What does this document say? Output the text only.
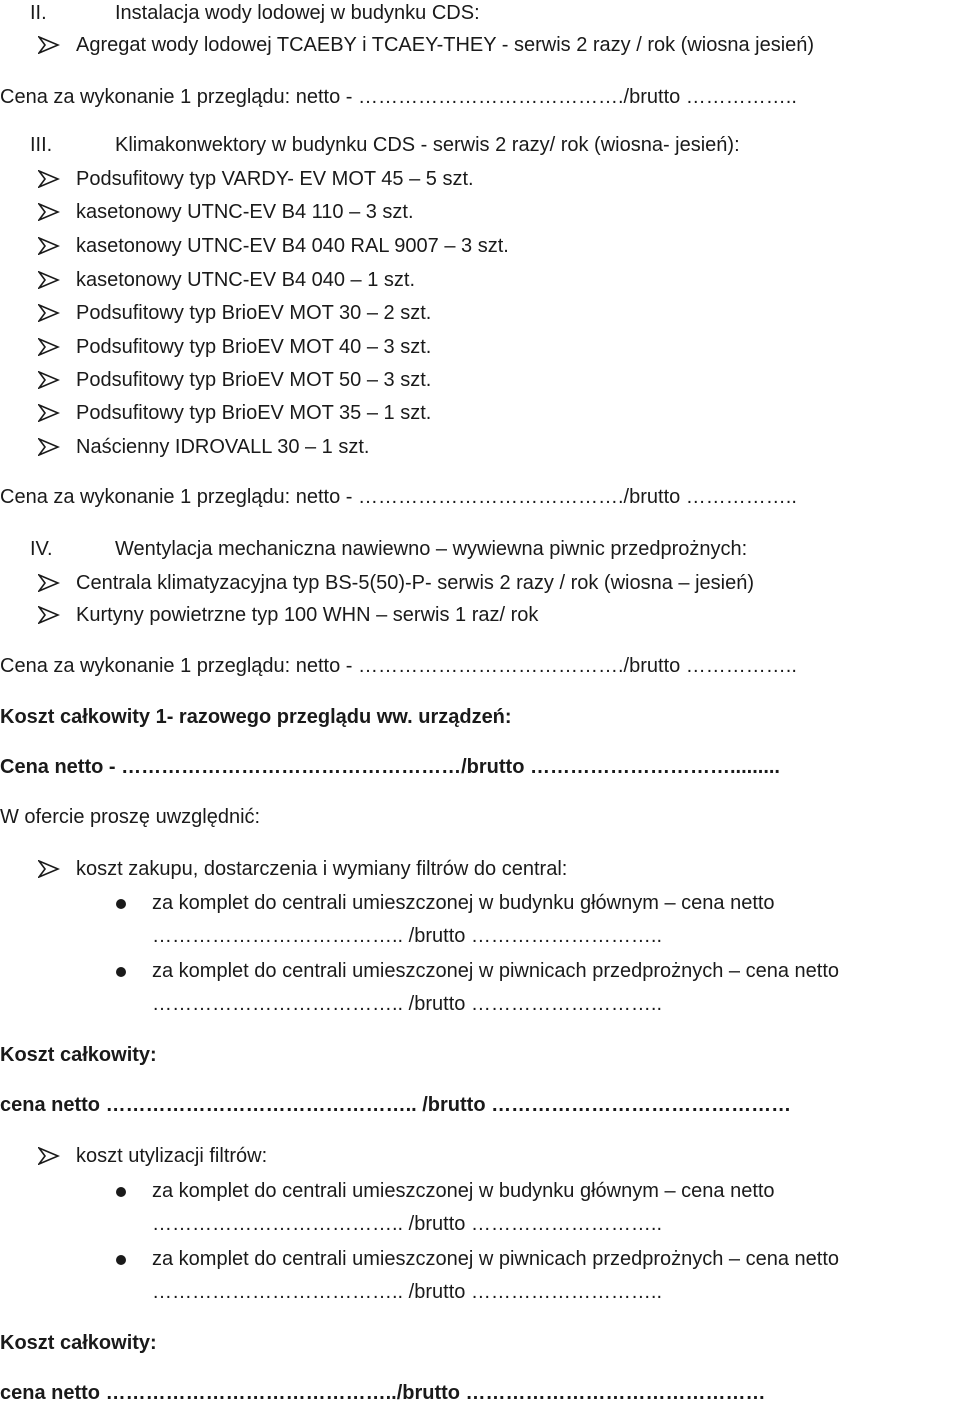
II.	Instalacja wody lodowej w budynku CDS:
Agregat wody lodowej TCAEBY i TCAEY-THEY - serwis 2 razy / rok (wiosna jesień)
Cena za wykonanie 1 przeglądu: netto - …………………………………./brutto ……………..
III.	Klimakonwektory w budynku CDS - serwis 2 razy/ rok (wiosna- jesień):
Podsufitowy typ VARDY- EV MOT 45 – 5 szt.
kasetonowy UTNC-EV B4 110 – 3 szt.
kasetonowy UTNC-EV B4 040 RAL 9007 – 3 szt.
kasetonowy UTNC-EV B4 040 – 1 szt.
Podsufitowy typ BrioEV MOT 30 – 2 szt.
Podsufitowy typ BrioEV MOT 40 – 3 szt.
Podsufitowy typ BrioEV MOT 50 – 3 szt.
Podsufitowy typ BrioEV MOT 35 – 1 szt.
Naścienny IDROVALL 30 – 1 szt.
Cena za wykonanie 1 przeglądu: netto - …………………………………./brutto ……………..
IV.	Wentylacja mechaniczna nawiewno – wywiewna piwnic przedprożnych:
Centrala klimatyzacyjna typ BS-5(50)-P- serwis 2 razy / rok (wiosna – jesień)
Kurtyny powietrzne typ 100 WHN – serwis 1 raz/ rok
Cena za wykonanie 1 przeglądu: netto - …………………………………./brutto ……………..
Koszt całkowity 1- razowego przeglądu ww. urządzeń:
Cena netto - ……………………………………………/brutto ………………………….........
W ofercie proszę uwzględnić:
koszt zakupu, dostarczenia i wymiany filtrów do central:
za komplet do centrali umieszczonej w budynku głównym – cena netto
……………………………….. /brutto ………………………..
za komplet do centrali umieszczonej w piwnicach przedprożnych – cena netto
……………………………….. /brutto ………………………..
Koszt całkowity:
cena netto ……………………………………….. /brutto ………………………………………
koszt utylizacji filtrów:
za komplet do centrali umieszczonej w budynku głównym – cena netto
……………………………….. /brutto ………………………..
za komplet do centrali umieszczonej w piwnicach przedprożnych – cena netto
……………………………….. /brutto ………………………..
Koszt całkowity:
cena netto ……………………………………../brutto ………………………………………
